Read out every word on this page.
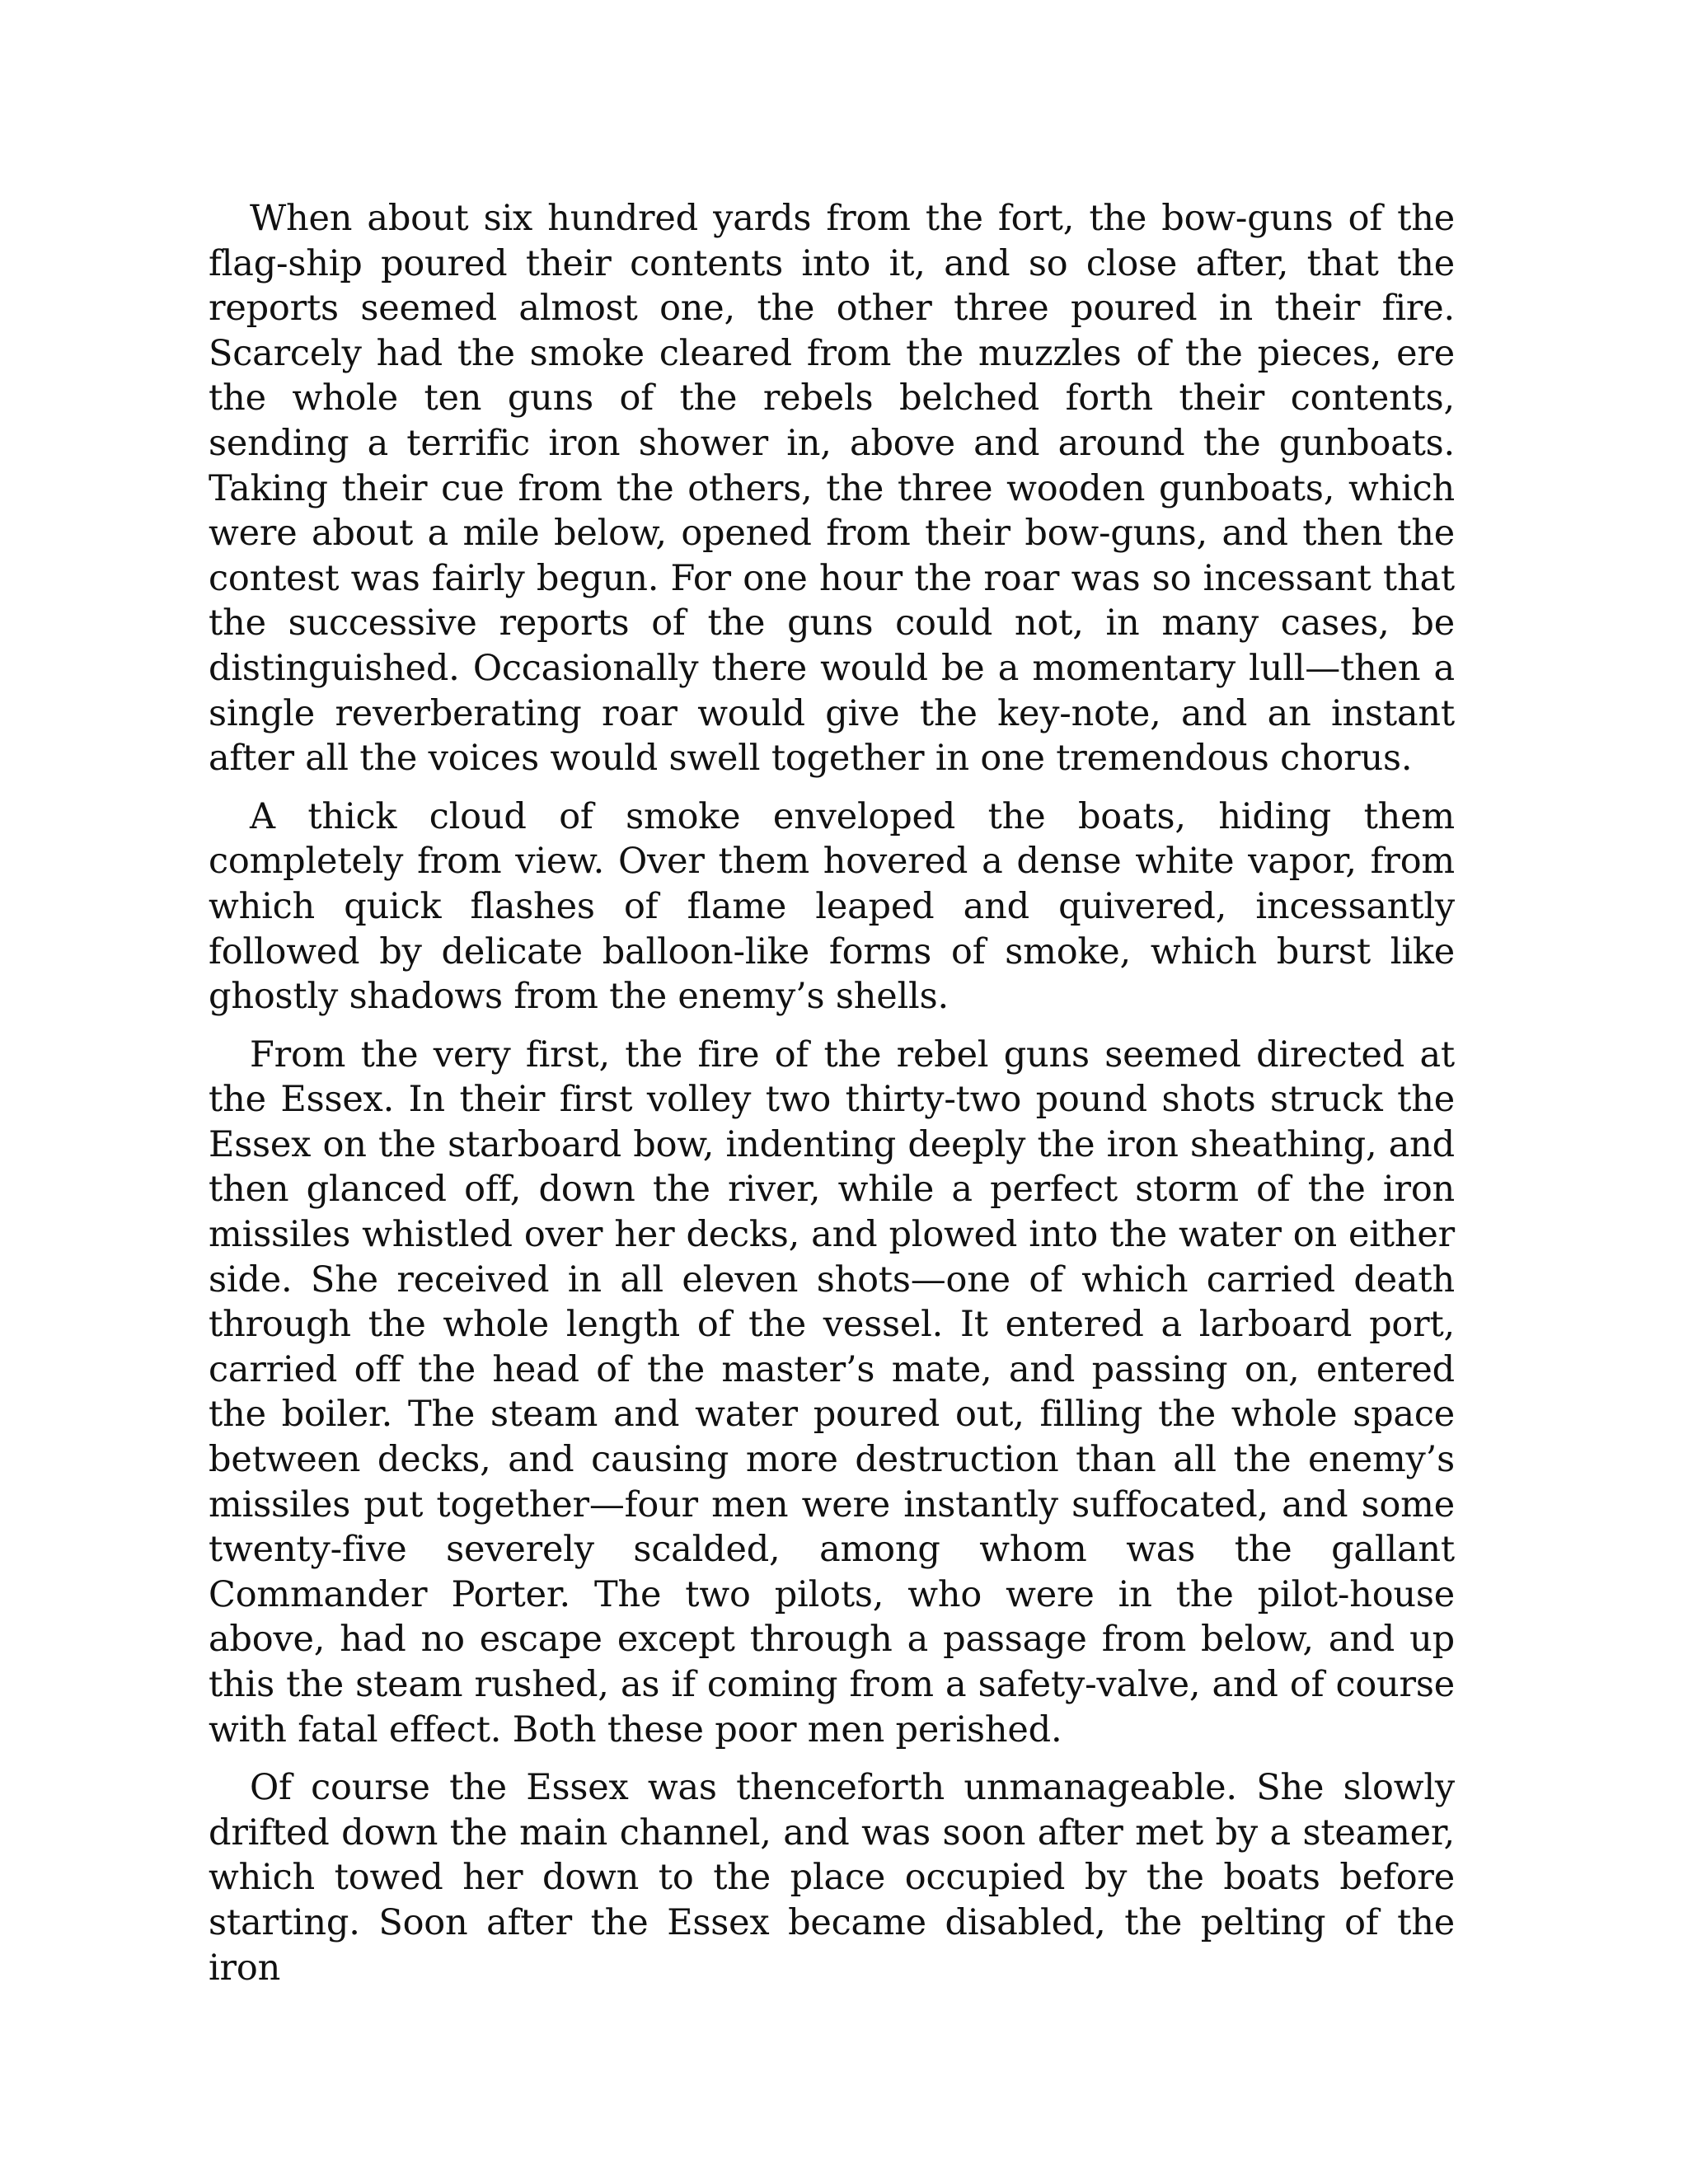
When about six hundred yards from the fort, the bow-guns of the flag-ship poured their contents into it, and so close after, that the reports seemed almost one, the other three poured in their fire. Scarcely had the smoke cleared from the muzzles of the pieces, ere the whole ten guns of the rebels belched forth their contents, sending a terrific iron shower in, above and around the gunboats. Taking their cue from the others, the three wooden gunboats, which were about a mile below, opened from their bow-guns, and then the contest was fairly begun. For one hour the roar was so incessant that the successive reports of the guns could not, in many cases, be distinguished. Occasionally there would be a momentary lull—then a single reverberating roar would give the key-note, and an instant after all the voices would swell together in one tremendous chorus.

A thick cloud of smoke enveloped the boats, hiding them completely from view. Over them hovered a dense white vapor, from which quick flashes of flame leaped and quivered, incessantly followed by delicate balloon-like forms of smoke, which burst like ghostly shadows from the enemy’s shells.

From the very first, the fire of the rebel guns seemed directed at the Essex. In their first volley two thirty-two pound shots struck the Essex on the starboard bow, indenting deeply the iron sheathing, and then glanced off, down the river, while a perfect storm of the iron missiles whistled over her decks, and plowed into the water on either side. She received in all eleven shots—one of which carried death through the whole length of the vessel. It entered a larboard port, carried off the head of the master’s mate, and passing on, entered the boiler. The steam and water poured out, filling the whole space between decks, and causing more destruction than all the enemy’s missiles put together—four men were instantly suffocated, and some twenty-five severely scalded, among whom was the gallant Commander Porter. The two pilots, who were in the pilot-house above, had no escape except through a passage from below, and up this the steam rushed, as if coming from a safety-valve, and of course with fatal effect. Both these poor men perished.

Of course the Essex was thenceforth unmanageable. She slowly drifted down the main channel, and was soon after met by a steamer, which towed her down to the place occupied by the boats before starting. Soon after the Essex became disabled, the pelting of the iron
